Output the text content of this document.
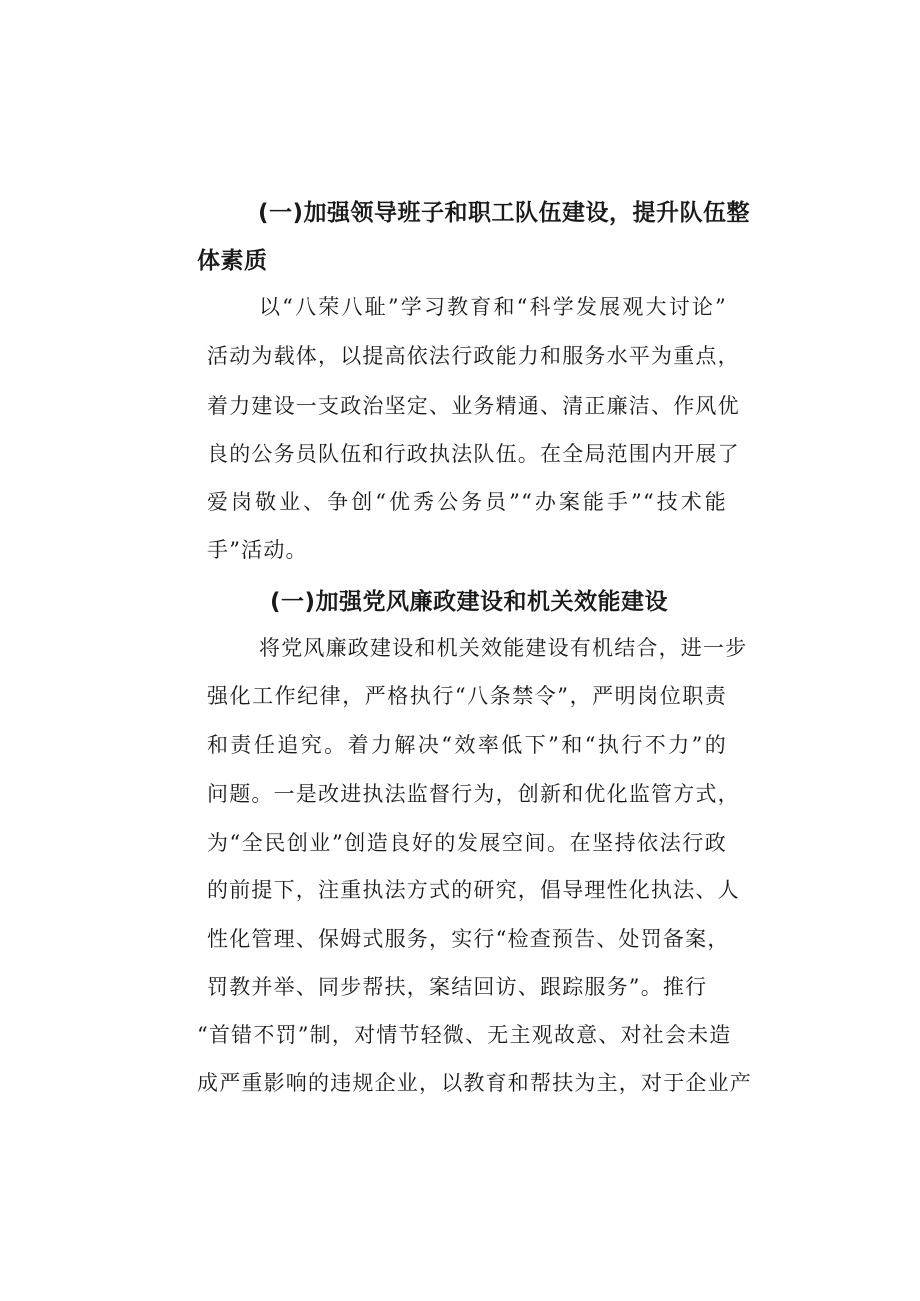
(一)加强领导班子和职工队伍建设，提升队伍整
体素质
以“八荣八耻”学习教育和“科学发展观大讨论”
活动为载体，以提高依法行政能力和服务水平为重点，
着力建设一支政治坚定、业务精通、清正廉洁、作风优
良的公务员队伍和行政执法队伍。在全局范围内开展了
爱岗敬业、争创“优秀公务员”“办案能手”“技术能
手”活动。
(一)加强党风廉政建设和机关效能建设
将党风廉政建设和机关效能建设有机结合，进一步
强化工作纪律，严格执行“八条禁令”，严明岗位职责
和责任追究。着力解决“效率低下”和“执行不力”的
问题。一是改进执法监督行为，创新和优化监管方式，
为“全民创业”创造良好的发展空间。在坚持依法行政
的前提下，注重执法方式的研究，倡导理性化执法、人
性化管理、保姆式服务，实行“检查预告、处罚备案，
罚教并举、同步帮扶，案结回访、跟踪服务”。推行
“首错不罚”制，对情节轻微、无主观故意、对社会未造
成严重影响的违规企业，以教育和帮扶为主，对于企业产
